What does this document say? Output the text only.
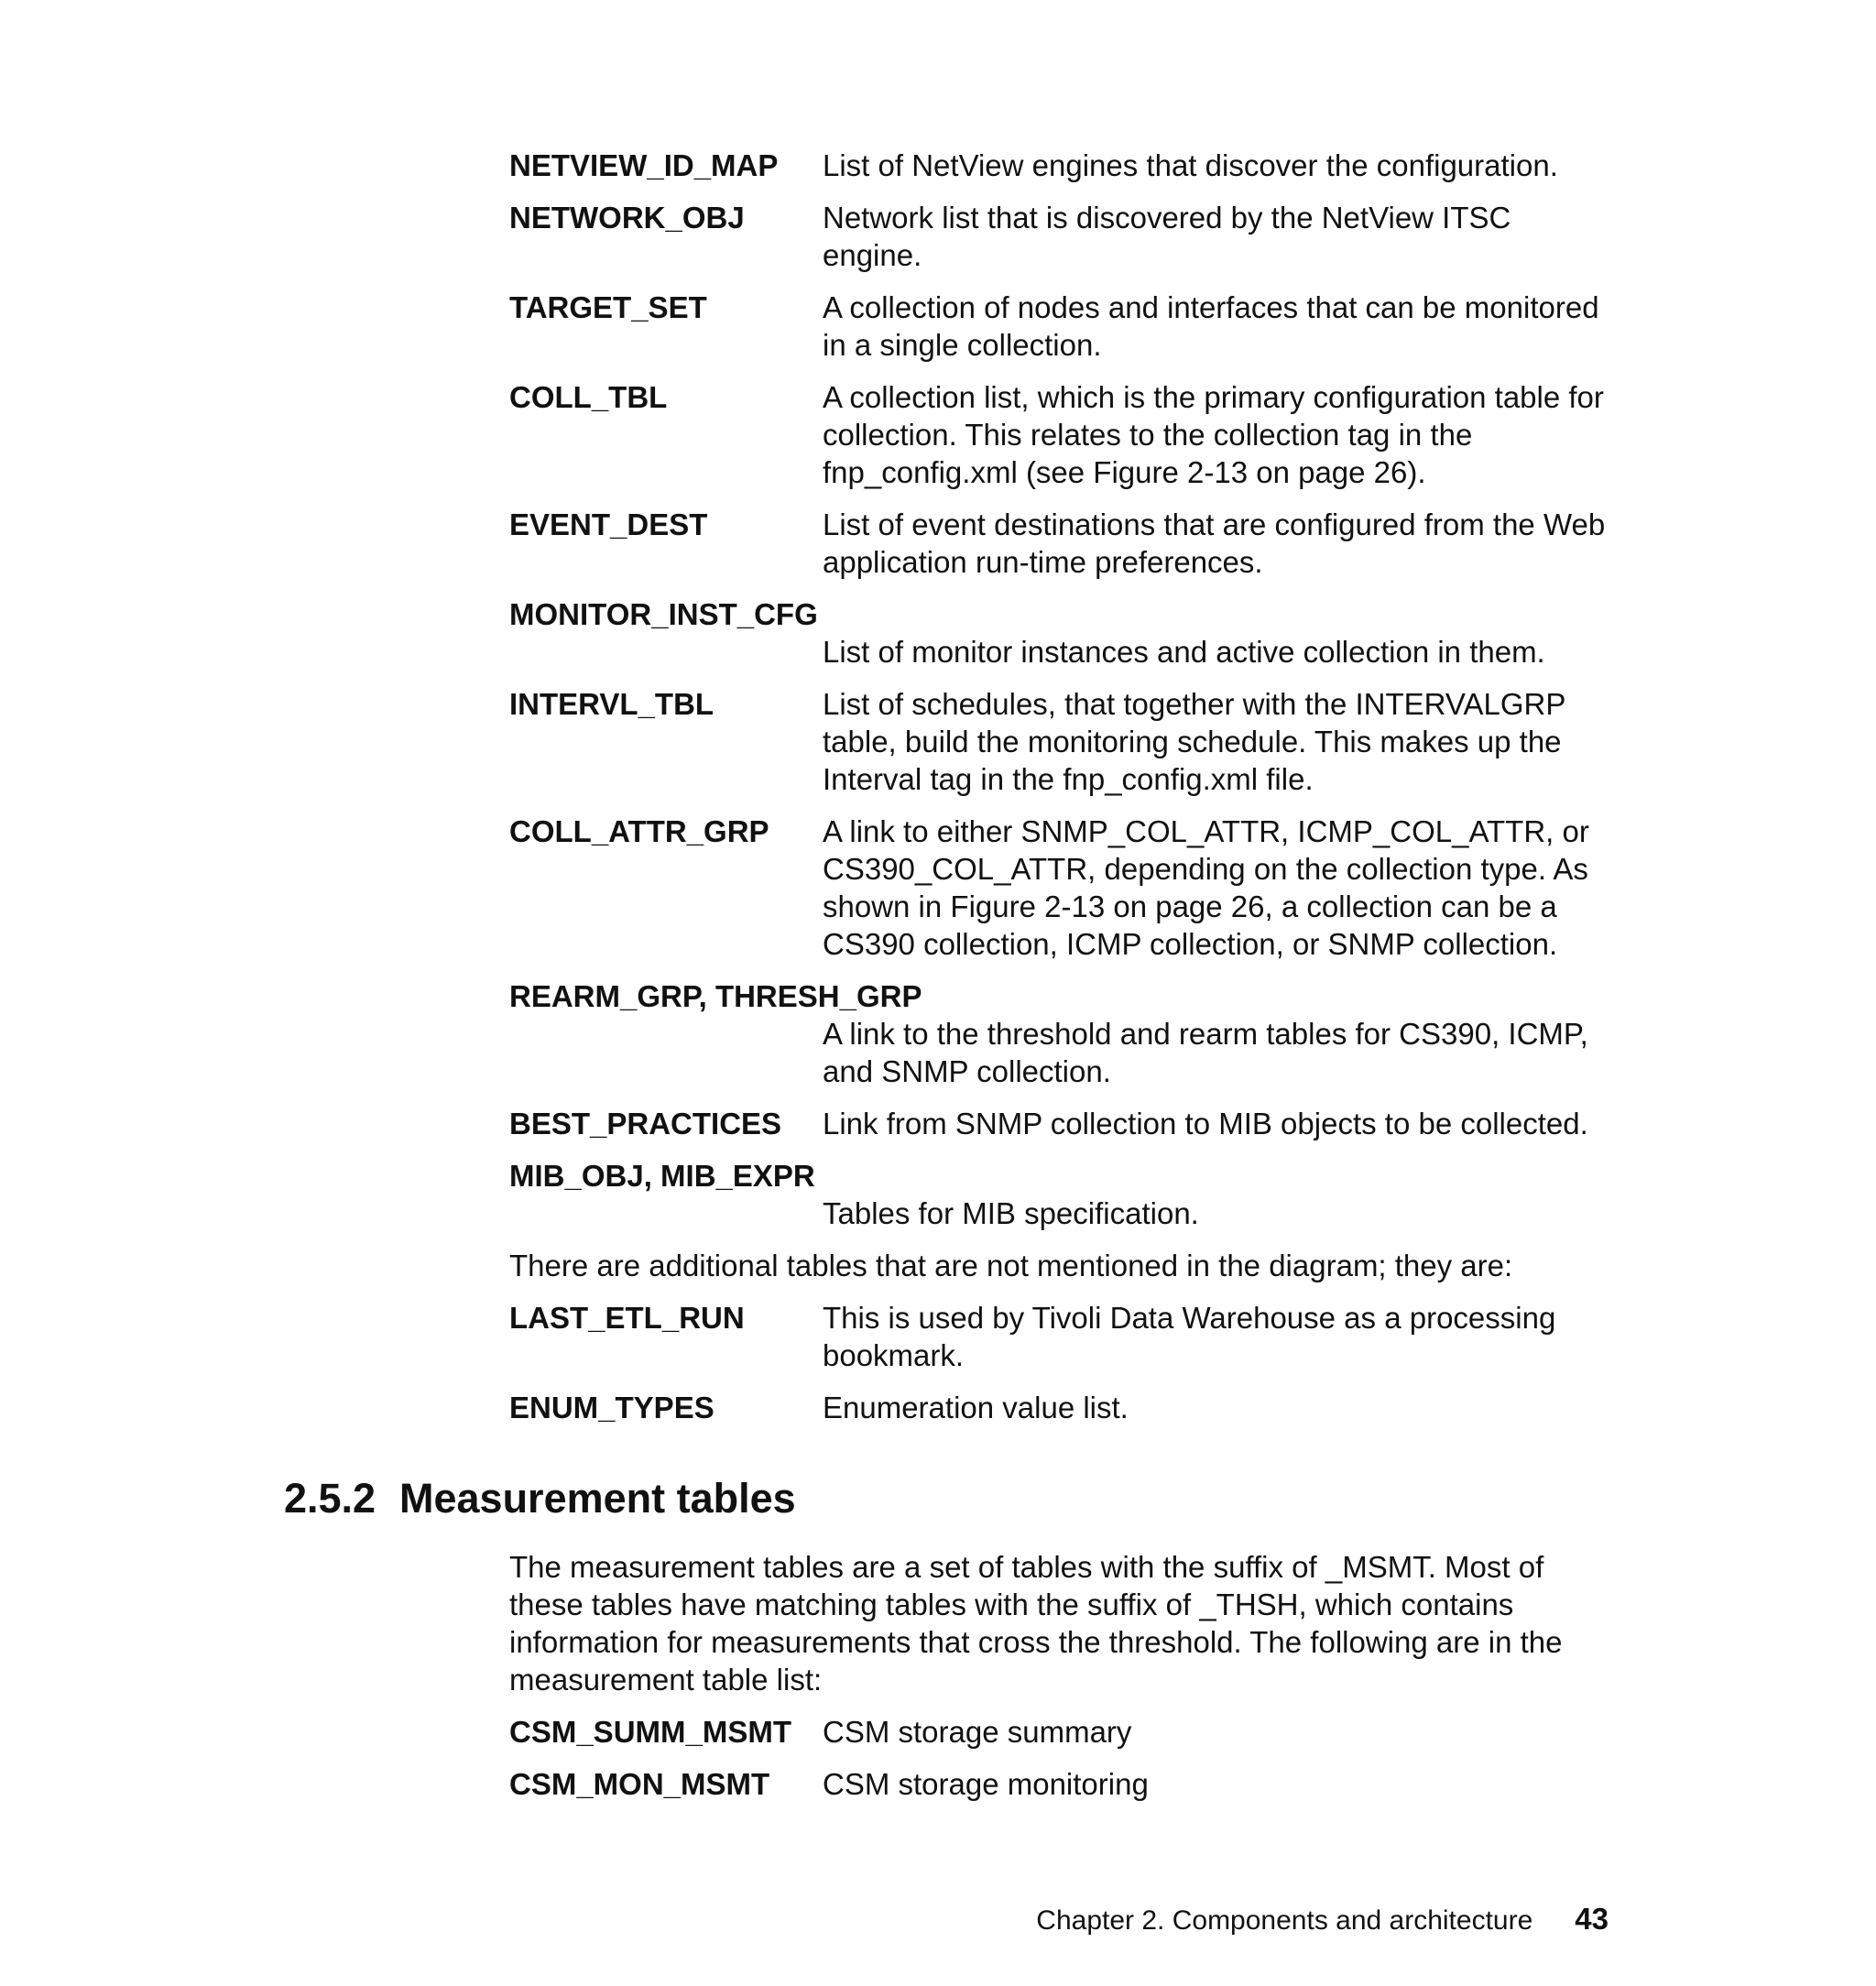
NETVIEW_ID_MAP	List of NetView engines that discover the configuration.
NETWORK_OBJ	Network list that is discovered by the NetView ITSC engine.
TARGET_SET	A collection of nodes and interfaces that can be monitored in a single collection.
COLL_TBL	A collection list, which is the primary configuration table for collection. This relates to the collection tag in the fnp_config.xml (see Figure 2-13 on page 26).
EVENT_DEST	List of event destinations that are configured from the Web application run-time preferences.
MONITOR_INST_CFG
List of monitor instances and active collection in them.
INTERVL_TBL	List of schedules, that together with the INTERVALGRP table, build the monitoring schedule. This makes up the Interval tag in the fnp_config.xml file.
COLL_ATTR_GRP	A link to either SNMP_COL_ATTR, ICMP_COL_ATTR, or CS390_COL_ATTR, depending on the collection type. As shown in Figure 2-13 on page 26, a collection can be a CS390 collection, ICMP collection, or SNMP collection.
REARM_GRP, THRESH_GRP
A link to the threshold and rearm tables for CS390, ICMP, and SNMP collection.
BEST_PRACTICES	Link from SNMP collection to MIB objects to be collected.
MIB_OBJ, MIB_EXPR
Tables for MIB specification.
There are additional tables that are not mentioned in the diagram; they are:
LAST_ETL_RUN	This is used by Tivoli Data Warehouse as a processing bookmark.
ENUM_TYPES	Enumeration value list.
2.5.2 Measurement tables
The measurement tables are a set of tables with the suffix of _MSMT. Most of these tables have matching tables with the suffix of _THSH, which contains information for measurements that cross the threshold. The following are in the measurement table list:
CSM_SUMM_MSMT	CSM storage summary
CSM_MON_MSMT	CSM storage monitoring
Chapter 2. Components and architecture 43
